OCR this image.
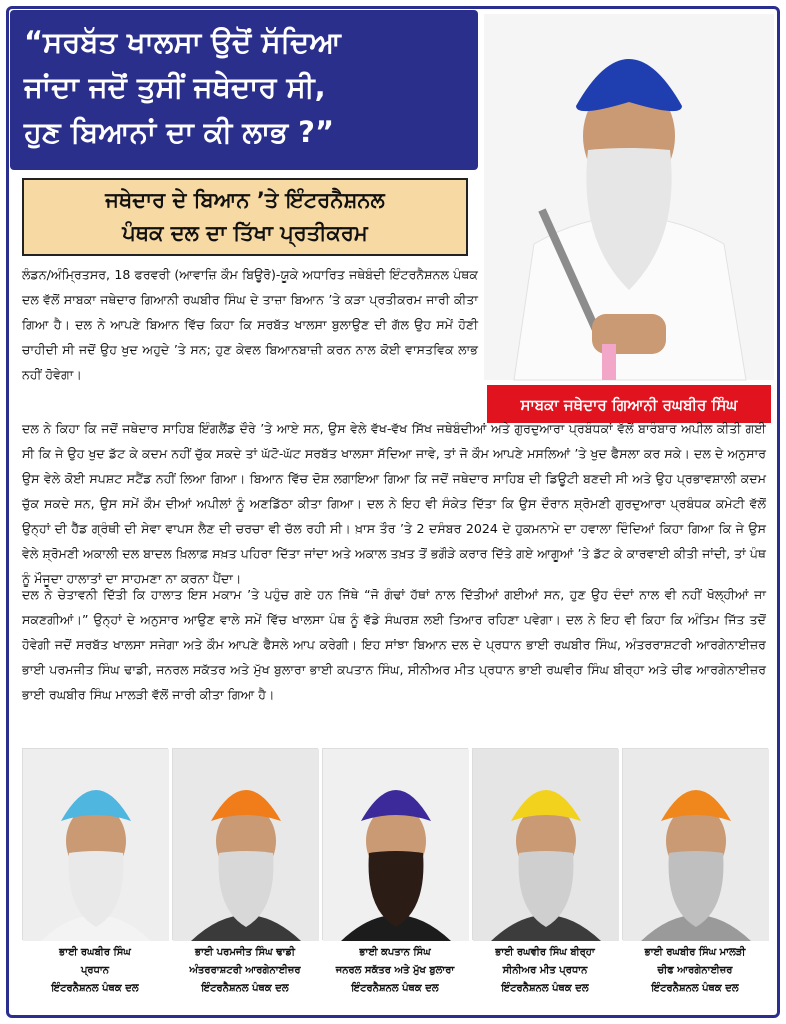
“ਸਰਬੱਤ ਖਾਲਸਾ ਉਦੋਂ ਸੱਦਿਆ
ਜਾਂਦਾ ਜਦੋਂ ਤੁਸੀਂ ਜਥੇਦਾਰ ਸੀ,
ਹੁਣ ਬਿਆਨਾਂ ਦਾ ਕੀ ਲਾਭ ?”
ਜਥੇਦਾਰ ਦੇ ਬਿਆਨ ’ਤੇ ਇੰਟਰਨੈਸ਼ਨਲ
ਪੰਥਕ ਦਲ ਦਾ ਤਿੱਖਾ ਪ੍ਰਤੀਕਰਮ
ਸਾਬਕਾ ਜਥੇਦਾਰ ਗਿਆਨੀ ਰਘਬੀਰ ਸਿੰਘ
ਲੰਡਨ/ਅੰਮ੍ਰਿਤਸਰ, 18 ਫਰਵਰੀ (ਆਵਾਜ਼ਿ ਕੌਮ ਬਿਊਰੋ)-ਯੂਕੇ ਅਧਾਰਿਤ ਜਥੇਬੰਦੀ ਇੰਟਰਨੈਸ਼ਨਲ ਪੰਥਕ ਦਲ ਵੱਲੋਂ ਸਾਬਕਾ ਜਥੇਦਾਰ ਗਿਆਨੀ ਰਘਬੀਰ ਸਿੰਘ ਦੇ ਤਾਜ਼ਾ ਬਿਆਨ ’ਤੇ ਕੜਾ ਪ੍ਰਤੀਕਰਮ ਜਾਰੀ ਕੀਤਾ ਗਿਆ ਹੈ। ਦਲ ਨੇ ਆਪਣੇ ਬਿਆਨ ਵਿੱਚ ਕਿਹਾ ਕਿ ਸਰਬੱਤ ਖਾਲਸਾ ਬੁਲਾਉਣ ਦੀ ਗੱਲ ਉਹ ਸਮੇਂ ਹੋਣੀ ਚਾਹੀਦੀ ਸੀ ਜਦੋਂ ਉਹ ਖੁਦ ਅਹੁਦੇ ’ਤੇ ਸਨ; ਹੁਣ ਕੇਵਲ ਬਿਆਨਬਾਜ਼ੀ ਕਰਨ ਨਾਲ ਕੋਈ ਵਾਸਤਵਿਕ ਲਾਭ ਨਹੀਂ ਹੋਵੇਗਾ।
ਦਲ ਨੇ ਕਿਹਾ ਕਿ ਜਦੋਂ ਜਥੇਦਾਰ ਸਾਹਿਬ ਇੰਗਲੈਂਡ ਦੌਰੇ ’ਤੇ ਆਏ ਸਨ, ਉਸ ਵੇਲੇ ਵੱਖ-ਵੱਖ ਸਿੱਖ ਜਥੇਬੰਦੀਆਂ ਅਤੇ ਗੁਰਦੁਆਰਾ ਪ੍ਰਬੰਧਕਾਂ ਵੱਲੋਂ ਬਾਰੰਬਾਰ ਅਪੀਲ ਕੀਤੀ ਗਈ ਸੀ ਕਿ ਜੇ ਉਹ ਖੁਦ ਡੱਟ ਕੇ ਕਦਮ ਨਹੀਂ ਚੁੱਕ ਸਕਦੇ ਤਾਂ ਘੱਟੋ-ਘੱਟ ਸਰਬੱਤ ਖਾਲਸਾ ਸੱਦਿਆ ਜਾਵੇ, ਤਾਂ ਜੋ ਕੌਮ ਆਪਣੇ ਮਸਲਿਆਂ ’ਤੇ ਖੁਦ ਫੈਸਲਾ ਕਰ ਸਕੇ। ਦਲ ਦੇ ਅਨੁਸਾਰ ਉਸ ਵੇਲੇ ਕੋਈ ਸਪਸ਼ਟ ਸਟੈਂਡ ਨਹੀਂ ਲਿਆ ਗਿਆ। ਬਿਆਨ ਵਿੱਚ ਦੋਸ਼ ਲਗਾਇਆ ਗਿਆ ਕਿ ਜਦੋਂ ਜਥੇਦਾਰ ਸਾਹਿਬ ਦੀ ਡਿਊਟੀ ਬਣਦੀ ਸੀ ਅਤੇ ਉਹ ਪ੍ਰਭਾਵਸ਼ਾਲੀ ਕਦਮ ਚੁੱਕ ਸਕਦੇ ਸਨ, ਉਸ ਸਮੇਂ ਕੌਮ ਦੀਆਂ ਅਪੀਲਾਂ ਨੂੰ ਅਣਡਿੱਠਾ ਕੀਤਾ ਗਿਆ। ਦਲ ਨੇ ਇਹ ਵੀ ਸੰਕੇਤ ਦਿੱਤਾ ਕਿ ਉਸ ਦੌਰਾਨ ਸ਼੍ਰੋਮਣੀ ਗੁਰਦੁਆਰਾ ਪ੍ਰਬੰਧਕ ਕਮੇਟੀ ਵੱਲੋਂ ਉਨ੍ਹਾਂ ਦੀ ਹੈੱਡ ਗ੍ਰੰਥੀ ਦੀ ਸੇਵਾ ਵਾਪਸ ਲੈਣ ਦੀ ਚਰਚਾ ਵੀ ਚੱਲ ਰਹੀ ਸੀ। ਖ਼ਾਸ ਤੌਰ ’ਤੇ 2 ਦਸੰਬਰ 2024 ਦੇ ਹੁਕਮਨਾਮੇ ਦਾ ਹਵਾਲਾ ਦਿੰਦਿਆਂ ਕਿਹਾ ਗਿਆ ਕਿ ਜੇ ਉਸ ਵੇਲੇ ਸ਼੍ਰੋਮਣੀ ਅਕਾਲੀ ਦਲ ਬਾਦਲ ਖ਼ਿਲਾਫ਼ ਸਖ਼ਤ ਪਹਿਰਾ ਦਿੱਤਾ ਜਾਂਦਾ ਅਤੇ ਅਕਾਲ ਤਖ਼ਤ ਤੋਂ ਭਗੌੜੇ ਕਰਾਰ ਦਿੱਤੇ ਗਏ ਆਗੂਆਂ ’ਤੇ ਡੱਟ ਕੇ ਕਾਰਵਾਈ ਕੀਤੀ ਜਾਂਦੀ, ਤਾਂ ਪੰਥ ਨੂੰ ਮੌਜੂਦਾ ਹਾਲਾਤਾਂ ਦਾ ਸਾਹਮਣਾ ਨਾ ਕਰਨਾ ਪੈਂਦਾ।
ਦਲ ਨੇ ਚੇਤਾਵਨੀ ਦਿੱਤੀ ਕਿ ਹਾਲਾਤ ਇਸ ਮਕਾਮ ’ਤੇ ਪਹੁੰਚ ਗਏ ਹਨ ਜਿੱਥੇ “ਜੋ ਗੰਢਾਂ ਹੱਥਾਂ ਨਾਲ ਦਿੱਤੀਆਂ ਗਈਆਂ ਸਨ, ਹੁਣ ਉਹ ਦੰਦਾਂ ਨਾਲ ਵੀ ਨਹੀਂ ਖੋਲ੍ਹੀਆਂ ਜਾ ਸਕਣਗੀਆਂ।” ਉਨ੍ਹਾਂ ਦੇ ਅਨੁਸਾਰ ਆਉਣ ਵਾਲੇ ਸਮੇਂ ਵਿੱਚ ਖਾਲਸਾ ਪੰਥ ਨੂੰ ਵੱਡੇ ਸੰਘਰਸ਼ ਲਈ ਤਿਆਰ ਰਹਿਣਾ ਪਵੇਗਾ। ਦਲ ਨੇ ਇਹ ਵੀ ਕਿਹਾ ਕਿ ਅੰਤਿਮ ਜਿੱਤ ਤਦੋਂ ਹੋਵੇਗੀ ਜਦੋਂ ਸਰਬੱਤ ਖਾਲਸਾ ਸਜੇਗਾ ਅਤੇ ਕੌਮ ਆਪਣੇ ਫੈਸਲੇ ਆਪ ਕਰੇਗੀ। ਇਹ ਸਾਂਝਾ ਬਿਆਨ ਦਲ ਦੇ ਪ੍ਰਧਾਨ ਭਾਈ ਰਘਬੀਰ ਸਿੰਘ, ਅੰਤਰਰਾਸ਼ਟਰੀ ਆਰਗੇਨਾਈਜ਼ਰ ਭਾਈ ਪਰਮਜੀਤ ਸਿੰਘ ਢਾਡੀ, ਜਨਰਲ ਸਕੱਤਰ ਅਤੇ ਮੁੱਖ ਬੁਲਾਰਾ ਭਾਈ ਕਪਤਾਨ ਸਿੰਘ, ਸੀਨੀਅਰ ਮੀਤ ਪ੍ਰਧਾਨ ਭਾਈ ਰਘਵੀਰ ਸਿੰਘ ਬੀਰ੍ਹਾ ਅਤੇ ਚੀਫ ਆਰਗੇਨਾਈਜ਼ਰ ਭਾਈ ਰਘਬੀਰ ਸਿੰਘ ਮਾਲੜੀ ਵੱਲੋਂ ਜਾਰੀ ਕੀਤਾ ਗਿਆ ਹੈ।
ਭਾਈ ਰਘਬੀਰ ਸਿੰਘ
ਪ੍ਰਧਾਨ
ਇੰਟਰਨੈਸ਼ਨਲ ਪੰਥਕ ਦਲ
ਭਾਈ ਪਰਮਜੀਤ ਸਿੰਘ ਢਾਡੀ
ਅੰਤਰਰਾਸ਼ਟਰੀ ਆਰਗੇਨਾਈਜ਼ਰ
ਇੰਟਰਨੈਸ਼ਨਲ ਪੰਥਕ ਦਲ
ਭਾਈ ਕਪਤਾਨ ਸਿੰਘ
ਜਨਰਲ ਸਕੱਤਰ ਅਤੇ ਮੁੱਖ ਬੁਲਾਰਾ
ਇੰਟਰਨੈਸ਼ਨਲ ਪੰਥਕ ਦਲ
ਭਾਈ ਰਘਵੀਰ ਸਿੰਘ ਬੀਰ੍ਹਾ
ਸੀਨੀਅਰ ਮੀਤ ਪ੍ਰਧਾਨ
ਇੰਟਰਨੈਸ਼ਨਲ ਪੰਥਕ ਦਲ
ਭਾਈ ਰਘਬੀਰ ਸਿੰਘ ਮਾਲੜੀ
ਚੀਫ ਆਰਗੇਨਾਈਜ਼ਰ
ਇੰਟਰਨੈਸ਼ਨਲ ਪੰਥਕ ਦਲ
